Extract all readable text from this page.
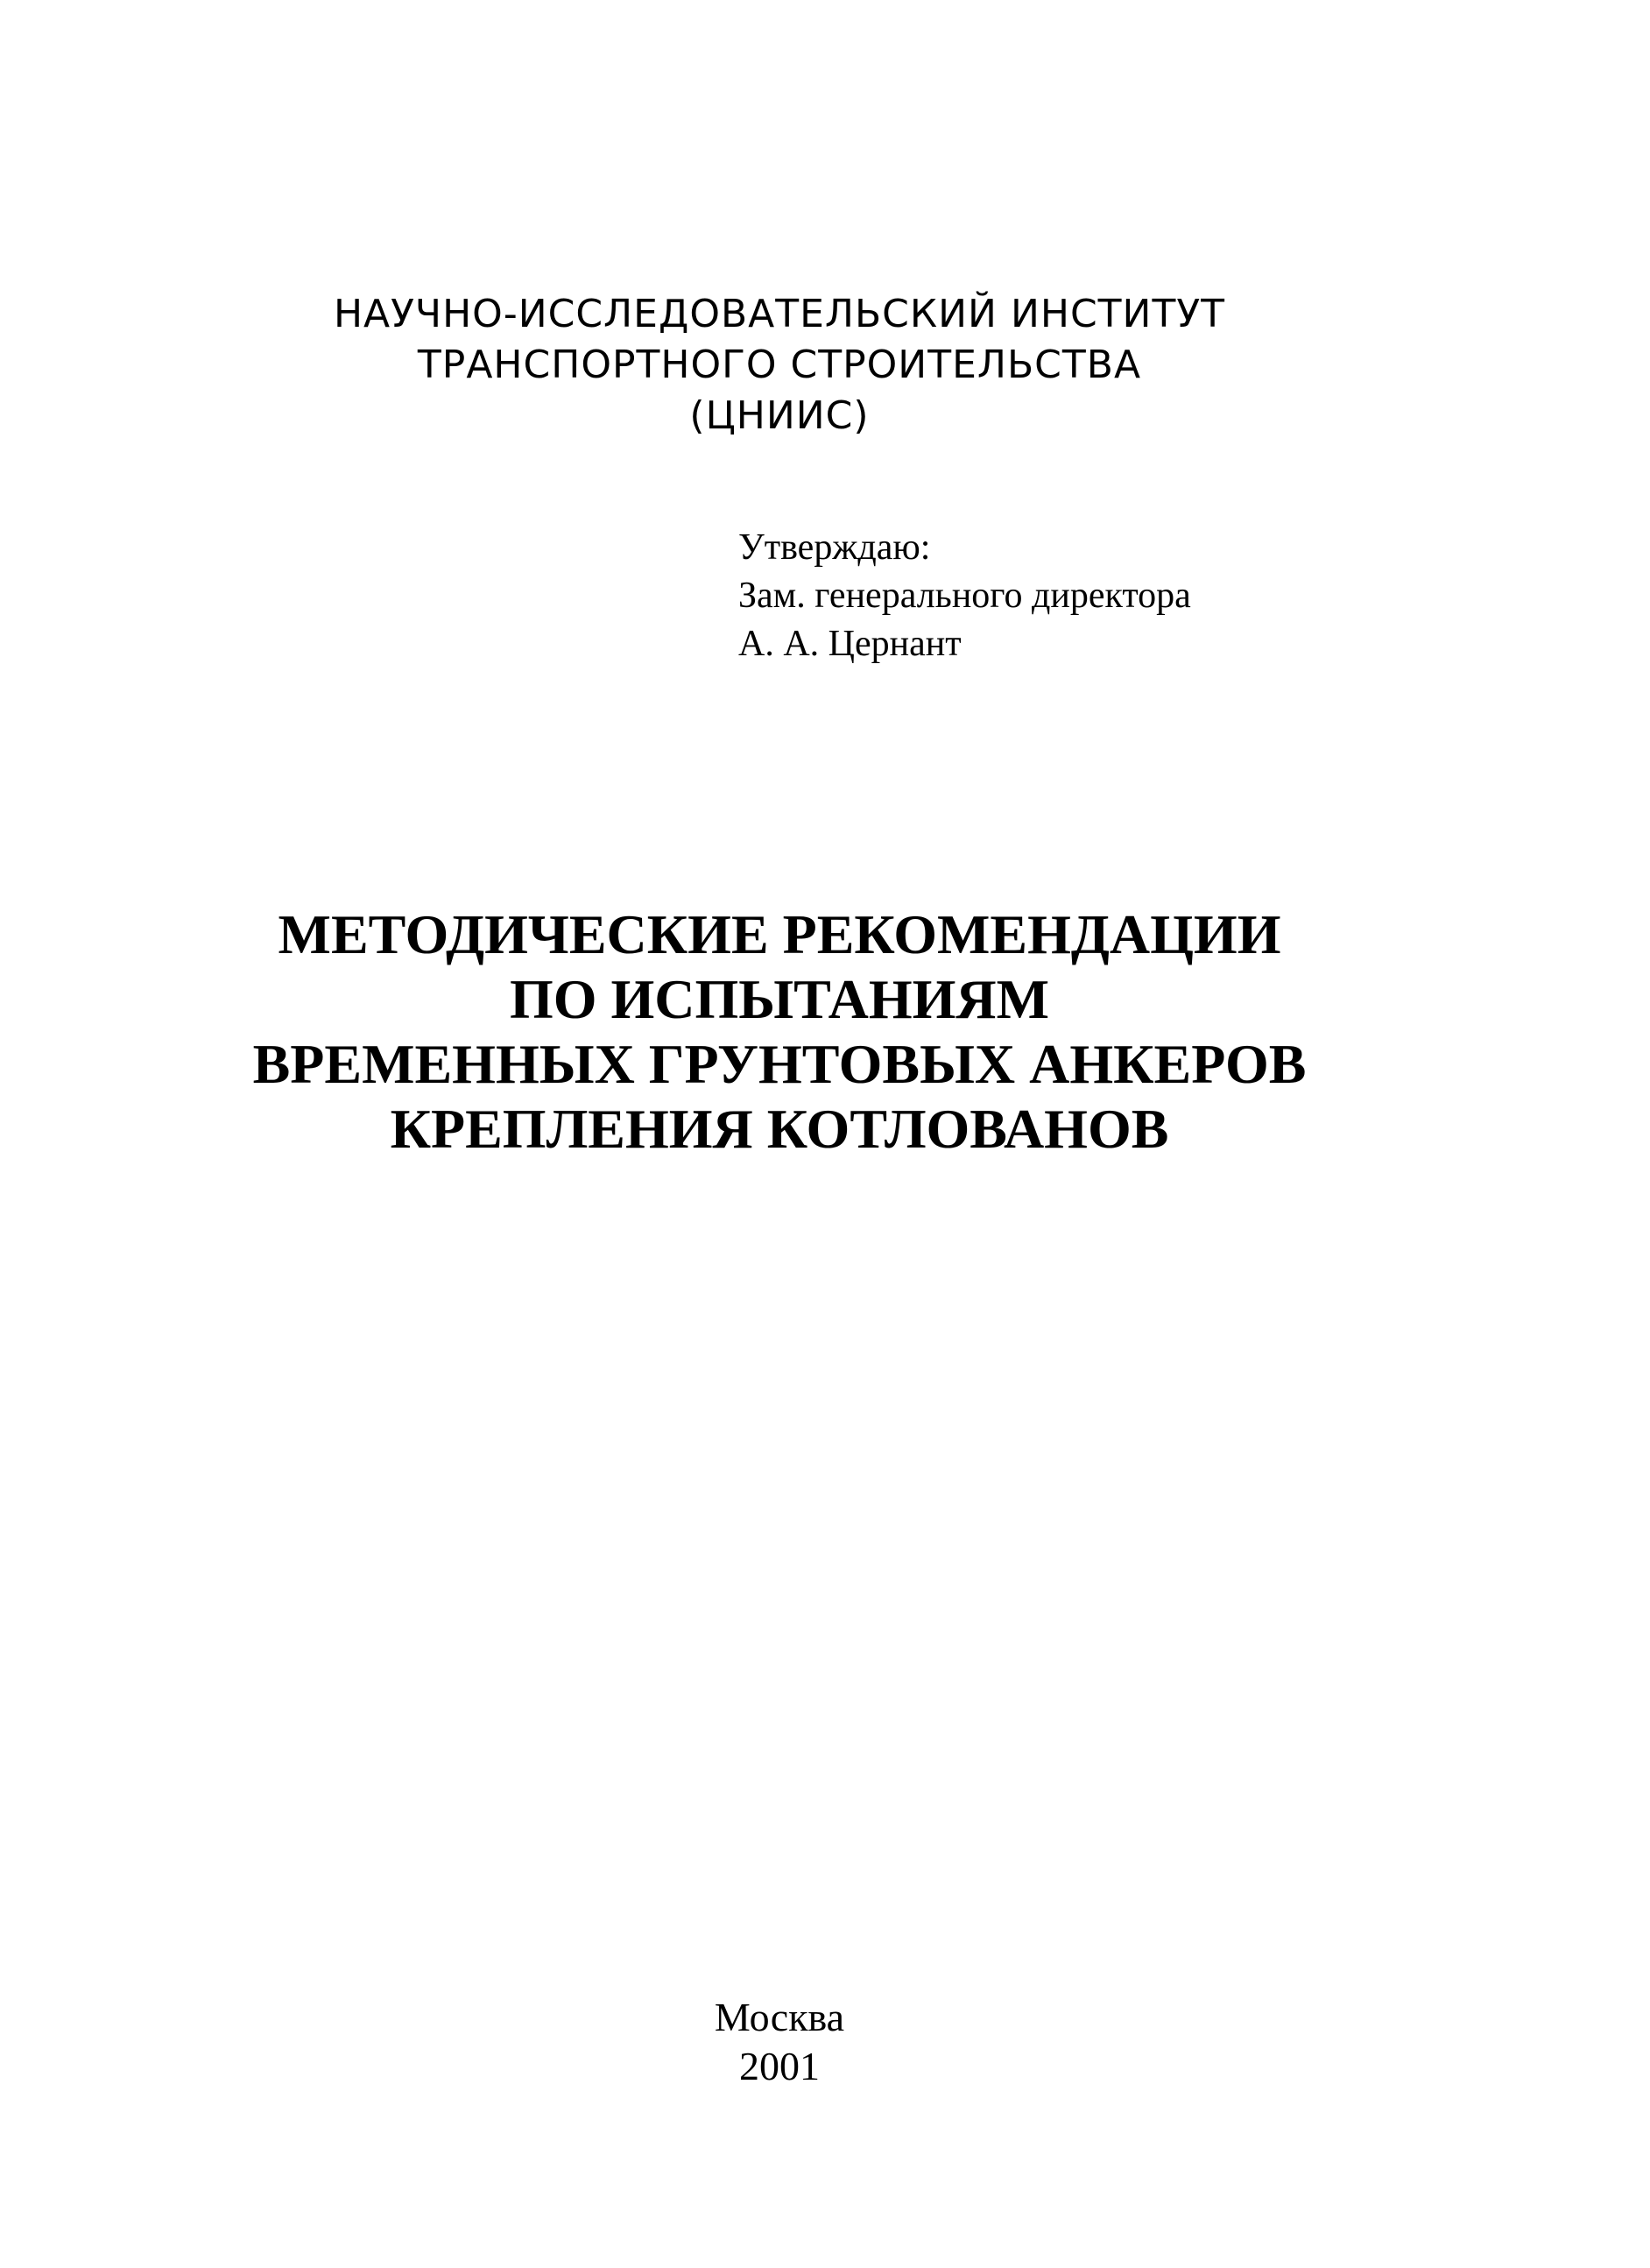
НАУЧНО-ИССЛЕДОВАТЕЛЬСКИЙ ИНСТИТУТ
ТРАНСПОРТНОГО СТРОИТЕЛЬСТВА
(ЦНИИС)
Утверждаю:
Зам. генерального директора
А. А. Цернант
МЕТОДИЧЕСКИЕ РЕКОМЕНДАЦИИ
ПО ИСПЫТАНИЯМ
ВРЕМЕННЫХ ГРУНТОВЫХ АНКЕРОВ
КРЕПЛЕНИЯ КОТЛОВАНОВ
Москва
2001
